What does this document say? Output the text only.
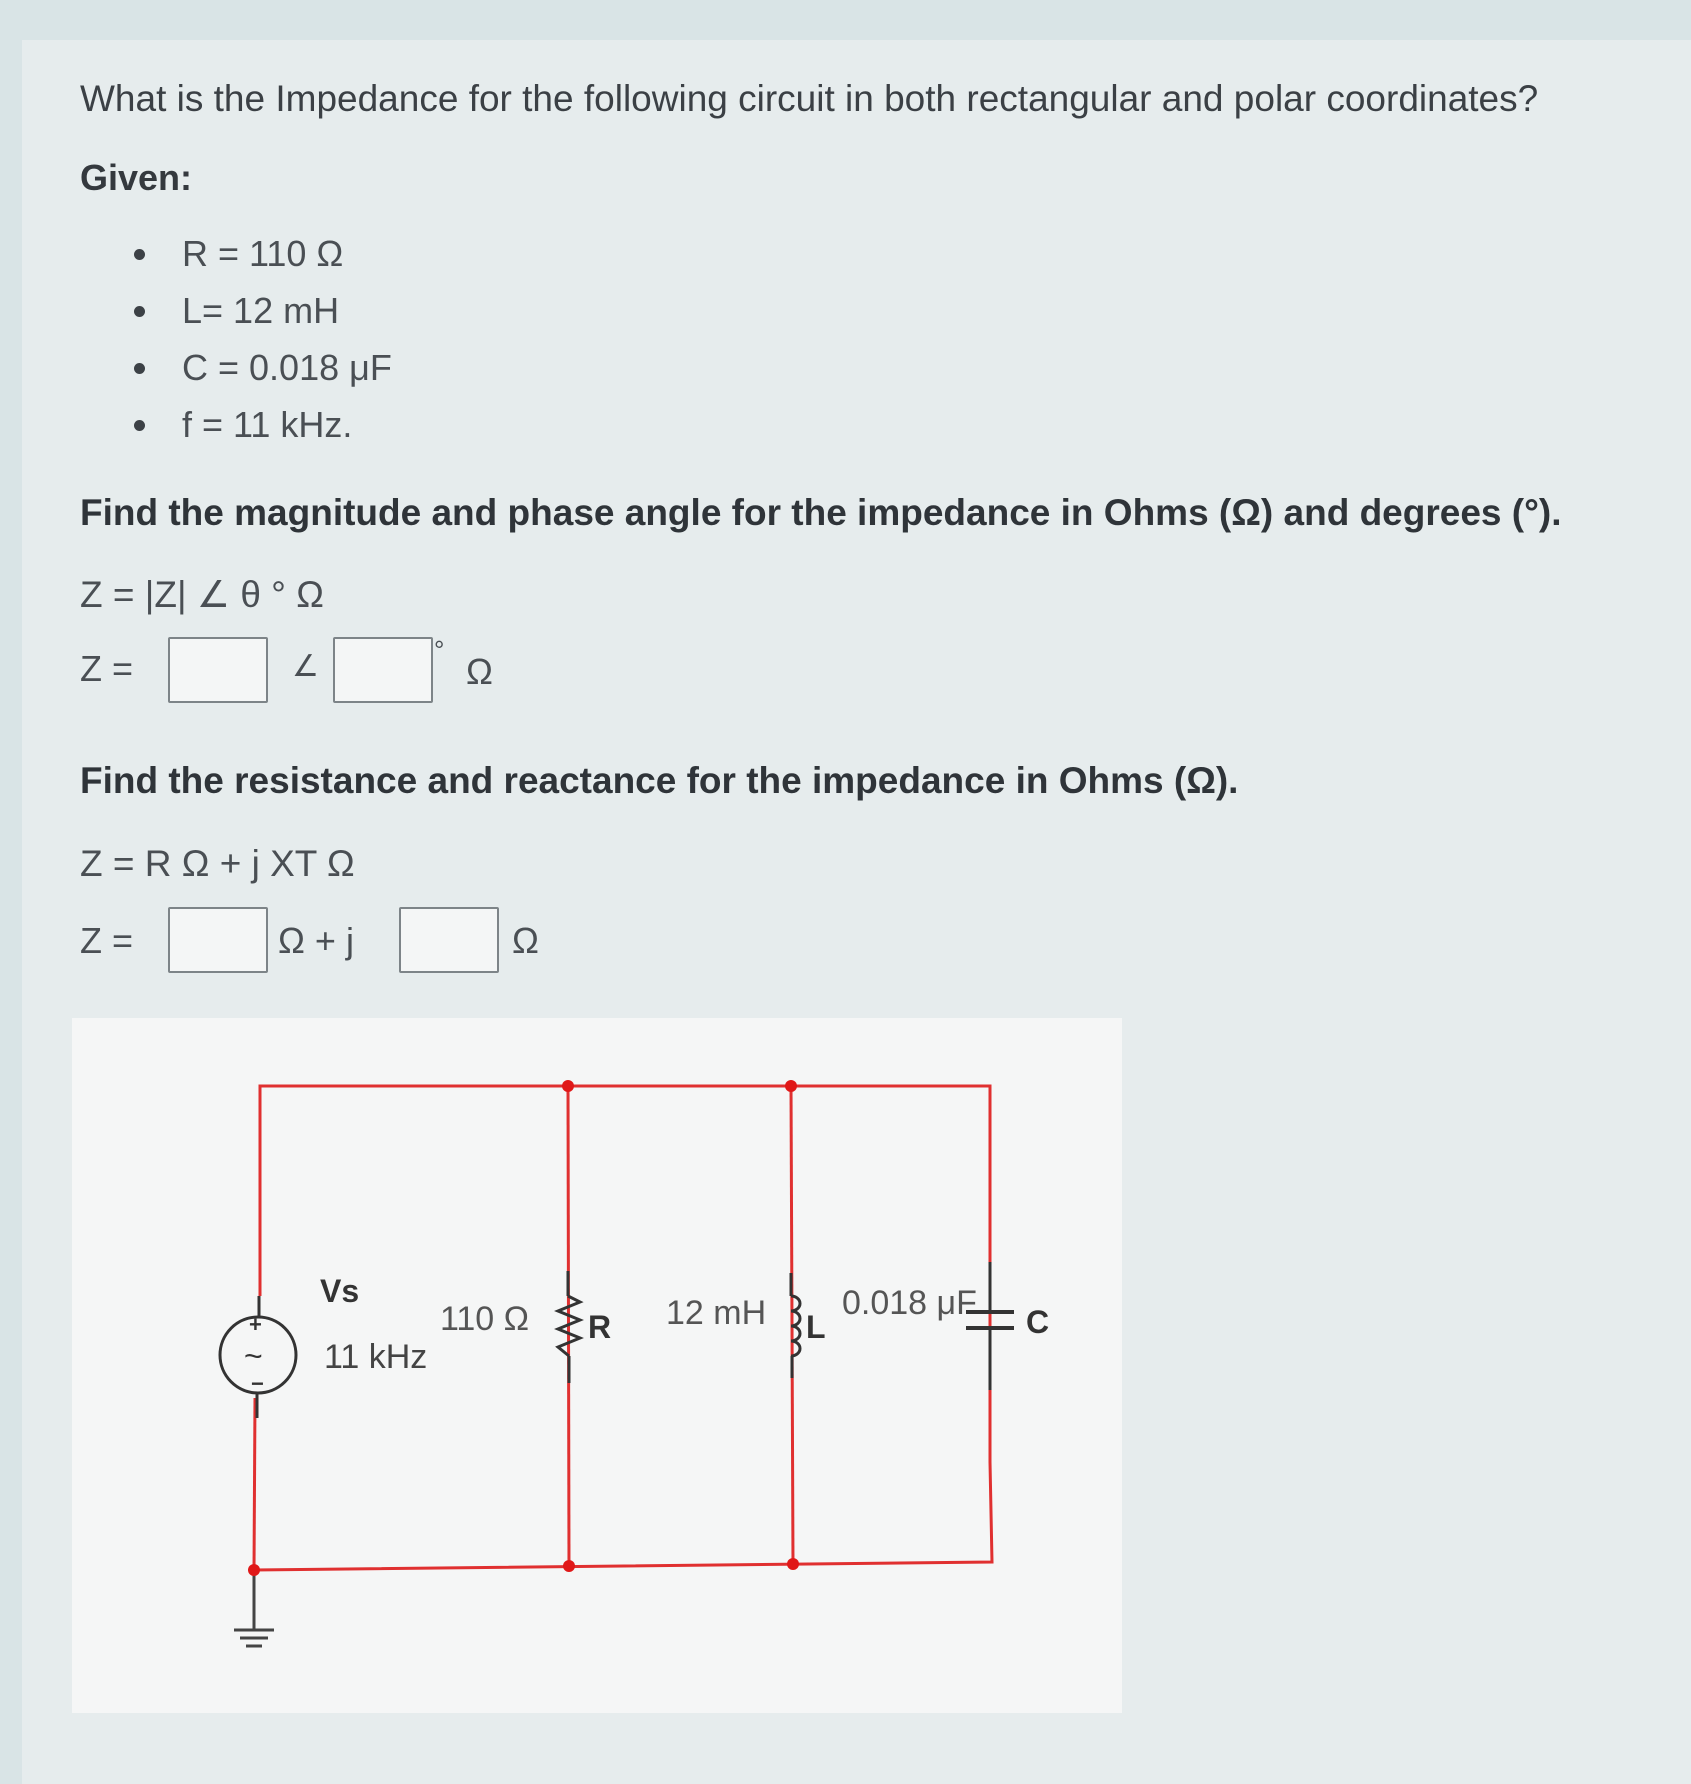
What is the Impedance for the following circuit in both rectangular and polar coordinates?
Given:
R = 110 Ω
L= 12 mH
C = 0.018 μF
f = 11 kHz.
Find the magnitude and phase angle for the impedance in Ohms (Ω) and degrees (°).
Z = |Z| ∠ θ ° Ω
Z =	∠	°
Ω
Find the resistance and reactance for the impedance in Ohms (Ω).
Z = R Ω + j XT Ω
Z =	Ω + j	Ω
+
~
−
Vs
11 kHz
110 Ω R 12 mH L
0.018 μF C
